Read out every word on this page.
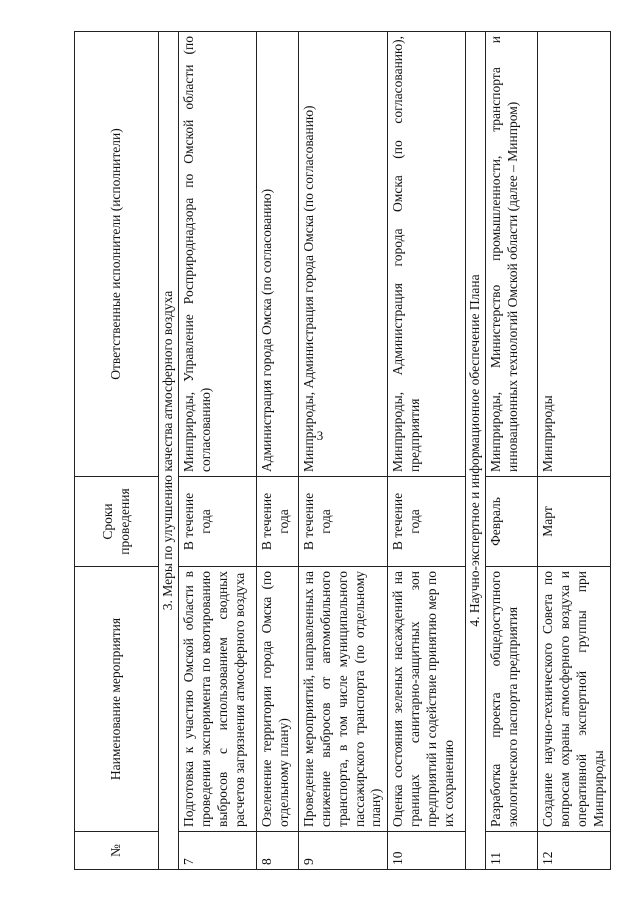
3
№	Наименование мероприятия	Сроки проведения	Ответственные исполнители (исполнители)
3. Меры по улучшению качества атмосферного воздуха			
7	Подготовка к участию Омской области в проведении эксперимента по квотированию выбросов с использованием сводных расчетов загрязнения атмосферного воздуха	В течение года	Минприроды, Управление Росприроднадзора по Омской области (по согласованию)
8	Озеленение территории города Омска (по отдельному плану)	В течение года	Администрация города Омска (по согласованию)
9	Проведение мероприятий, направленных на снижение выбросов от автомобильного транспорта, в том числе муниципального пассажирского транспорта (по отдельному плану)	В течение года	Минприроды, Администрация города Омска (по согласованию)
10	Оценка состояния зеленых насаждений на границах санитарно-защитных зон предприятий и содействие принятию мер по их сохранению	В течение года	Минприроды, Администрация города Омска (по согласованию), предприятия
4. Научно-экспертное и информационное обеспечение Плана			
11	Разработка проекта общедоступного экологического паспорта предприятия	Февраль	Минприроды, Министерство промышленности, транспорта и инновационных технологий Омской области (далее – Минпром)
12	Создание научно-технического Совета по вопросам охраны атмосферного воздуха и оперативной экспертной группы при Минприроды	Март	Минприроды
